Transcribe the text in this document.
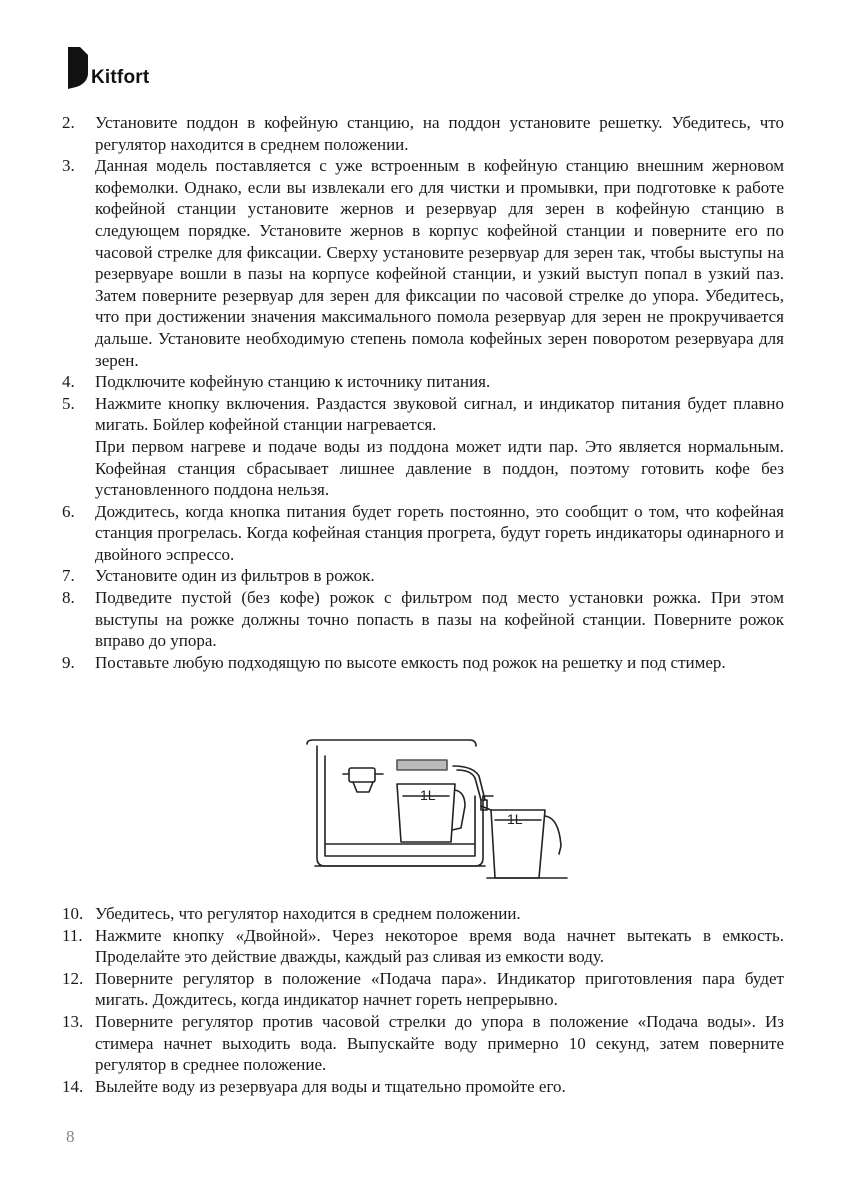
Kitfort
2.	Установите поддон в кофейную станцию, на поддон установите решетку. Убедитесь, что регулятор находится в среднем положении.
3.	Данная модель поставляется с уже встроенным в кофейную станцию внешним жерновом кофемолки. Однако, если вы извлекали его для чистки и промывки, при подготовке к работе кофейной станции установите жернов и резервуар для зерен в кофейную станцию в следующем порядке. Установите жернов в корпус кофейной станции и поверните его по часовой стрелке для фиксации. Сверху установите резервуар для зерен так, чтобы выступы на резервуаре вошли в пазы на корпусе кофейной станции, и узкий выступ попал в узкий паз. Затем поверните резервуар для зерен для фиксации по часовой стрелке до упора. Убедитесь, что при достижении значения максимального помола резервуар для зерен не прокручивается дальше. Установите необходимую степень помола кофейных зерен поворотом резервуара для зерен.
4.	Подключите кофейную станцию к источнику питания.
5.	Нажмите кнопку включения. Раздастся звуковой сигнал, и индикатор питания будет плавно мигать. Бойлер кофейной станции нагревается.
При первом нагреве и подаче воды из поддона может идти пар. Это является нормальным. Кофейная станция сбрасывает лишнее давление в поддон, поэтому готовить кофе без установленного поддона нельзя.
6.	Дождитесь, когда кнопка питания будет гореть постоянно, это сообщит о том, что кофейная станция прогрелась. Когда кофейная станция прогрета, будут гореть индикаторы одинарного и двойного эспрессо.
7.	Установите один из фильтров в рожок.
8.	Подведите пустой (без кофе) рожок с фильтром под место установки рожка. При этом выступы на рожке должны точно попасть в пазы на кофейной станции. Поверните рожок вправо до упора.
9.	Поставьте любую подходящую по высоте емкость под рожок на решетку и под стимер.
1L
1L
10. Убедитесь, что регулятор находится в среднем положении.
11. Нажмите кнопку «Двойной». Через некоторое время вода начнет вытекать в емкость. Проделайте это действие дважды, каждый раз сливая из емкости воду.
12. Поверните регулятор в положение «Подача пара». Индикатор приготовления пара будет мигать. Дождитесь, когда индикатор начнет гореть непрерывно.
13. Поверните регулятор против часовой стрелки до упора в положение «Подача воды». Из стимера начнет выходить вода. Выпускайте воду примерно 10 секунд, затем поверните регулятор в среднее положение.
14. Вылейте воду из резервуара для воды и тщательно промойте его.
8
